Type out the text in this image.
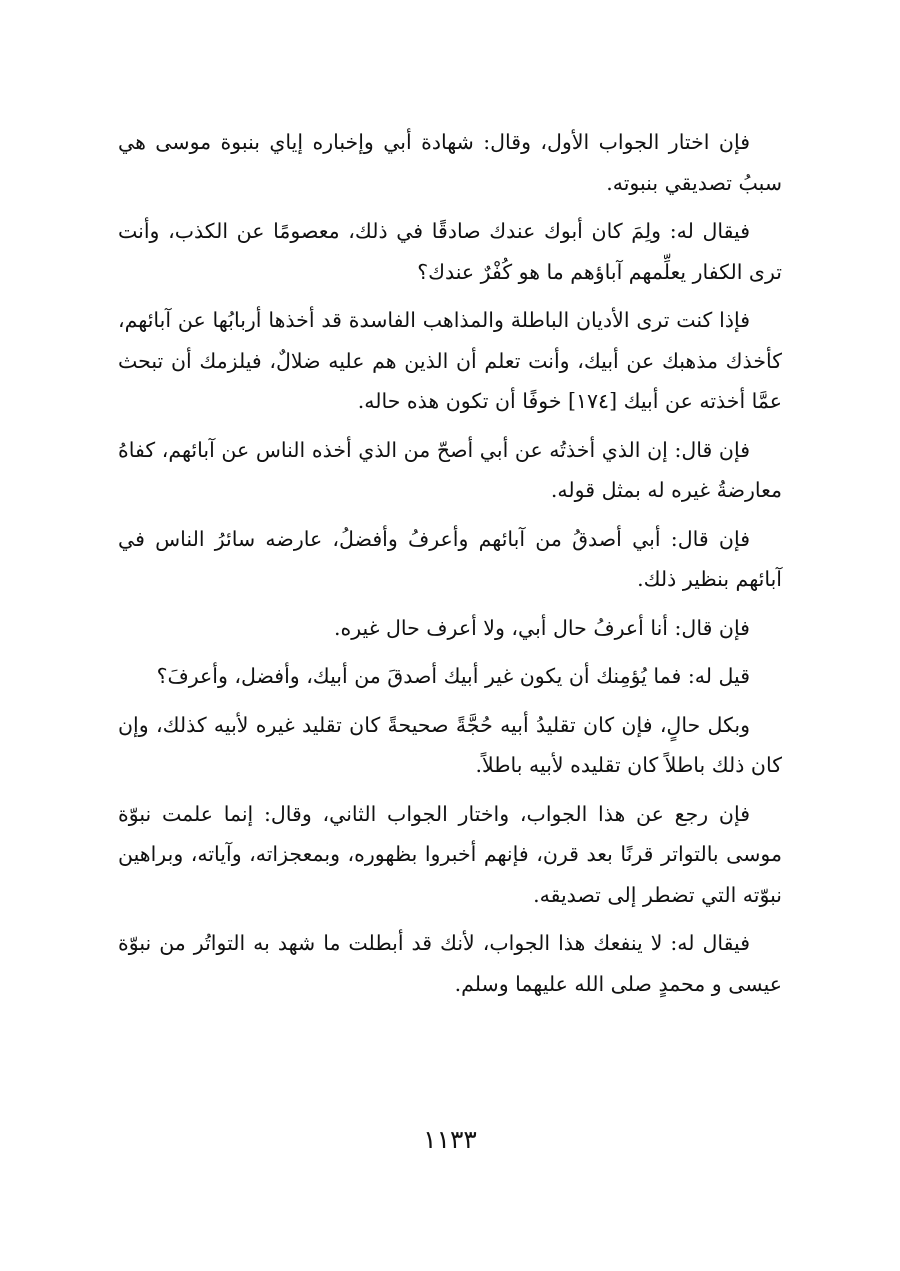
فإن اختار الجواب الأول، وقال: شهادة أبي وإخباره إياي بنبوة موسى هي سببُ تصديقي بنبوته.

فيقال له: ولِمَ كان أبوك عندك صادقًا في ذلك، معصومًا عن الكذب، وأنت ترى الكفار يعلِّمهم آباؤهم ما هو كُفْرٌ عندك؟

فإذا كنت ترى الأديان الباطلة والمذاهب الفاسدة قد أخذها أربابُها عن آبائهم، كأخذك مذهبك عن أبيك، وأنت تعلم أن الذين هم عليه ضلالٌ، فيلزمك أن تبحث عمَّا أخذته عن أبيك [١٧٤] خوفًا أن تكون هذه حاله.

فإن قال: إن الذي أخذتُه عن أبي أصحّ من الذي أخذه الناس عن آبائهم، كفاهُ معارضةُ غيره له بمثل قوله.

فإن قال: أبي أصدقُ من آبائهم وأعرفُ وأفضلُ، عارضه سائرُ الناس في آبائهم بنظير ذلك.

فإن قال: أنا أعرفُ حال أبي، ولا أعرف حال غيره.

قيل له: فما يُؤمِنك أن يكون غير أبيك أصدقَ من أبيك، وأفضل، وأعرفَ؟

وبكل حالٍ، فإن كان تقليدُ أبيه حُجَّةً صحيحةً كان تقليد غيره لأبيه كذلك، وإن كان ذلك باطلاً كان تقليده لأبيه باطلاً.

فإن رجع عن هذا الجواب، واختار الجواب الثاني، وقال: إنما علمت نبوّة موسى بالتواتر قرنًا بعد قرن، فإنهم أخبروا بظهوره، وبمعجزاته، وآياته، وبراهين نبوّته التي تضطر إلى تصديقه.

فيقال له: لا ينفعك هذا الجواب، لأنك قد أبطلت ما شهد به التواتُر من نبوّة عيسى و محمدٍ صلى الله عليهما وسلم.

١١٣٣
